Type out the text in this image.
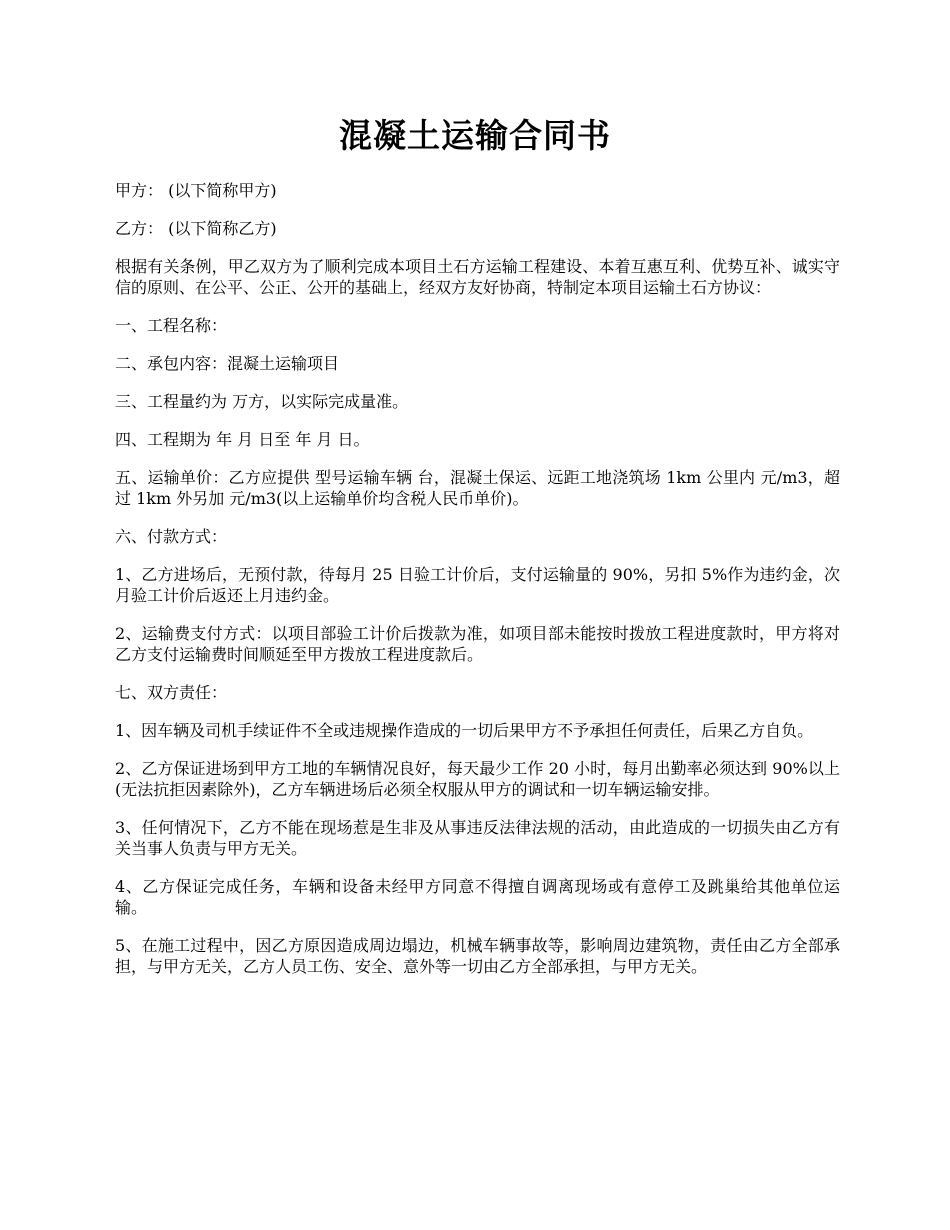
混凝土运输合同书

甲方： (以下简称甲方)

乙方： (以下简称乙方)

根据有关条例，甲乙双方为了顺利完成本项目土石方运输工程建设、本着互惠互利、优势互补、诚实守信的原则、在公平、公正、公开的基础上，经双方友好协商，特制定本项目运输土石方协议：

一、工程名称：

二、承包内容：混凝土运输项目

三、工程量约为 万方，以实际完成量准。

四、工程期为 年 月 日至 年 月 日。

五、运输单价：乙方应提供 型号运输车辆 台，混凝土保运、远距工地浇筑场 1km 公里内 元/m3，超过 1km 外另加 元/m3(以上运输单价均含税人民币单价)。

六、付款方式：

1、乙方进场后，无预付款，待每月 25 日验工计价后，支付运输量的 90%，另扣 5%作为违约金，次月验工计价后返还上月违约金。

2、运输费支付方式：以项目部验工计价后拨款为准，如项目部未能按时拨放工程进度款时，甲方将对乙方支付运输费时间顺延至甲方拨放工程进度款后。

七、双方责任：

1、因车辆及司机手续证件不全或违规操作造成的一切后果甲方不予承担任何责任，后果乙方自负。

2、乙方保证进场到甲方工地的车辆情况良好，每天最少工作 20 小时，每月出勤率必须达到 90%以上(无法抗拒因素除外)，乙方车辆进场后必须全权服从甲方的调试和一切车辆运输安排。

3、任何情况下，乙方不能在现场惹是生非及从事违反法律法规的活动，由此造成的一切损失由乙方有关当事人负责与甲方无关。

4、乙方保证完成任务，车辆和设备未经甲方同意不得擅自调离现场或有意停工及跳巢给其他单位运输。

5、在施工过程中，因乙方原因造成周边塌边，机械车辆事故等，影响周边建筑物，责任由乙方全部承担，与甲方无关，乙方人员工伤、安全、意外等一切由乙方全部承担，与甲方无关。
